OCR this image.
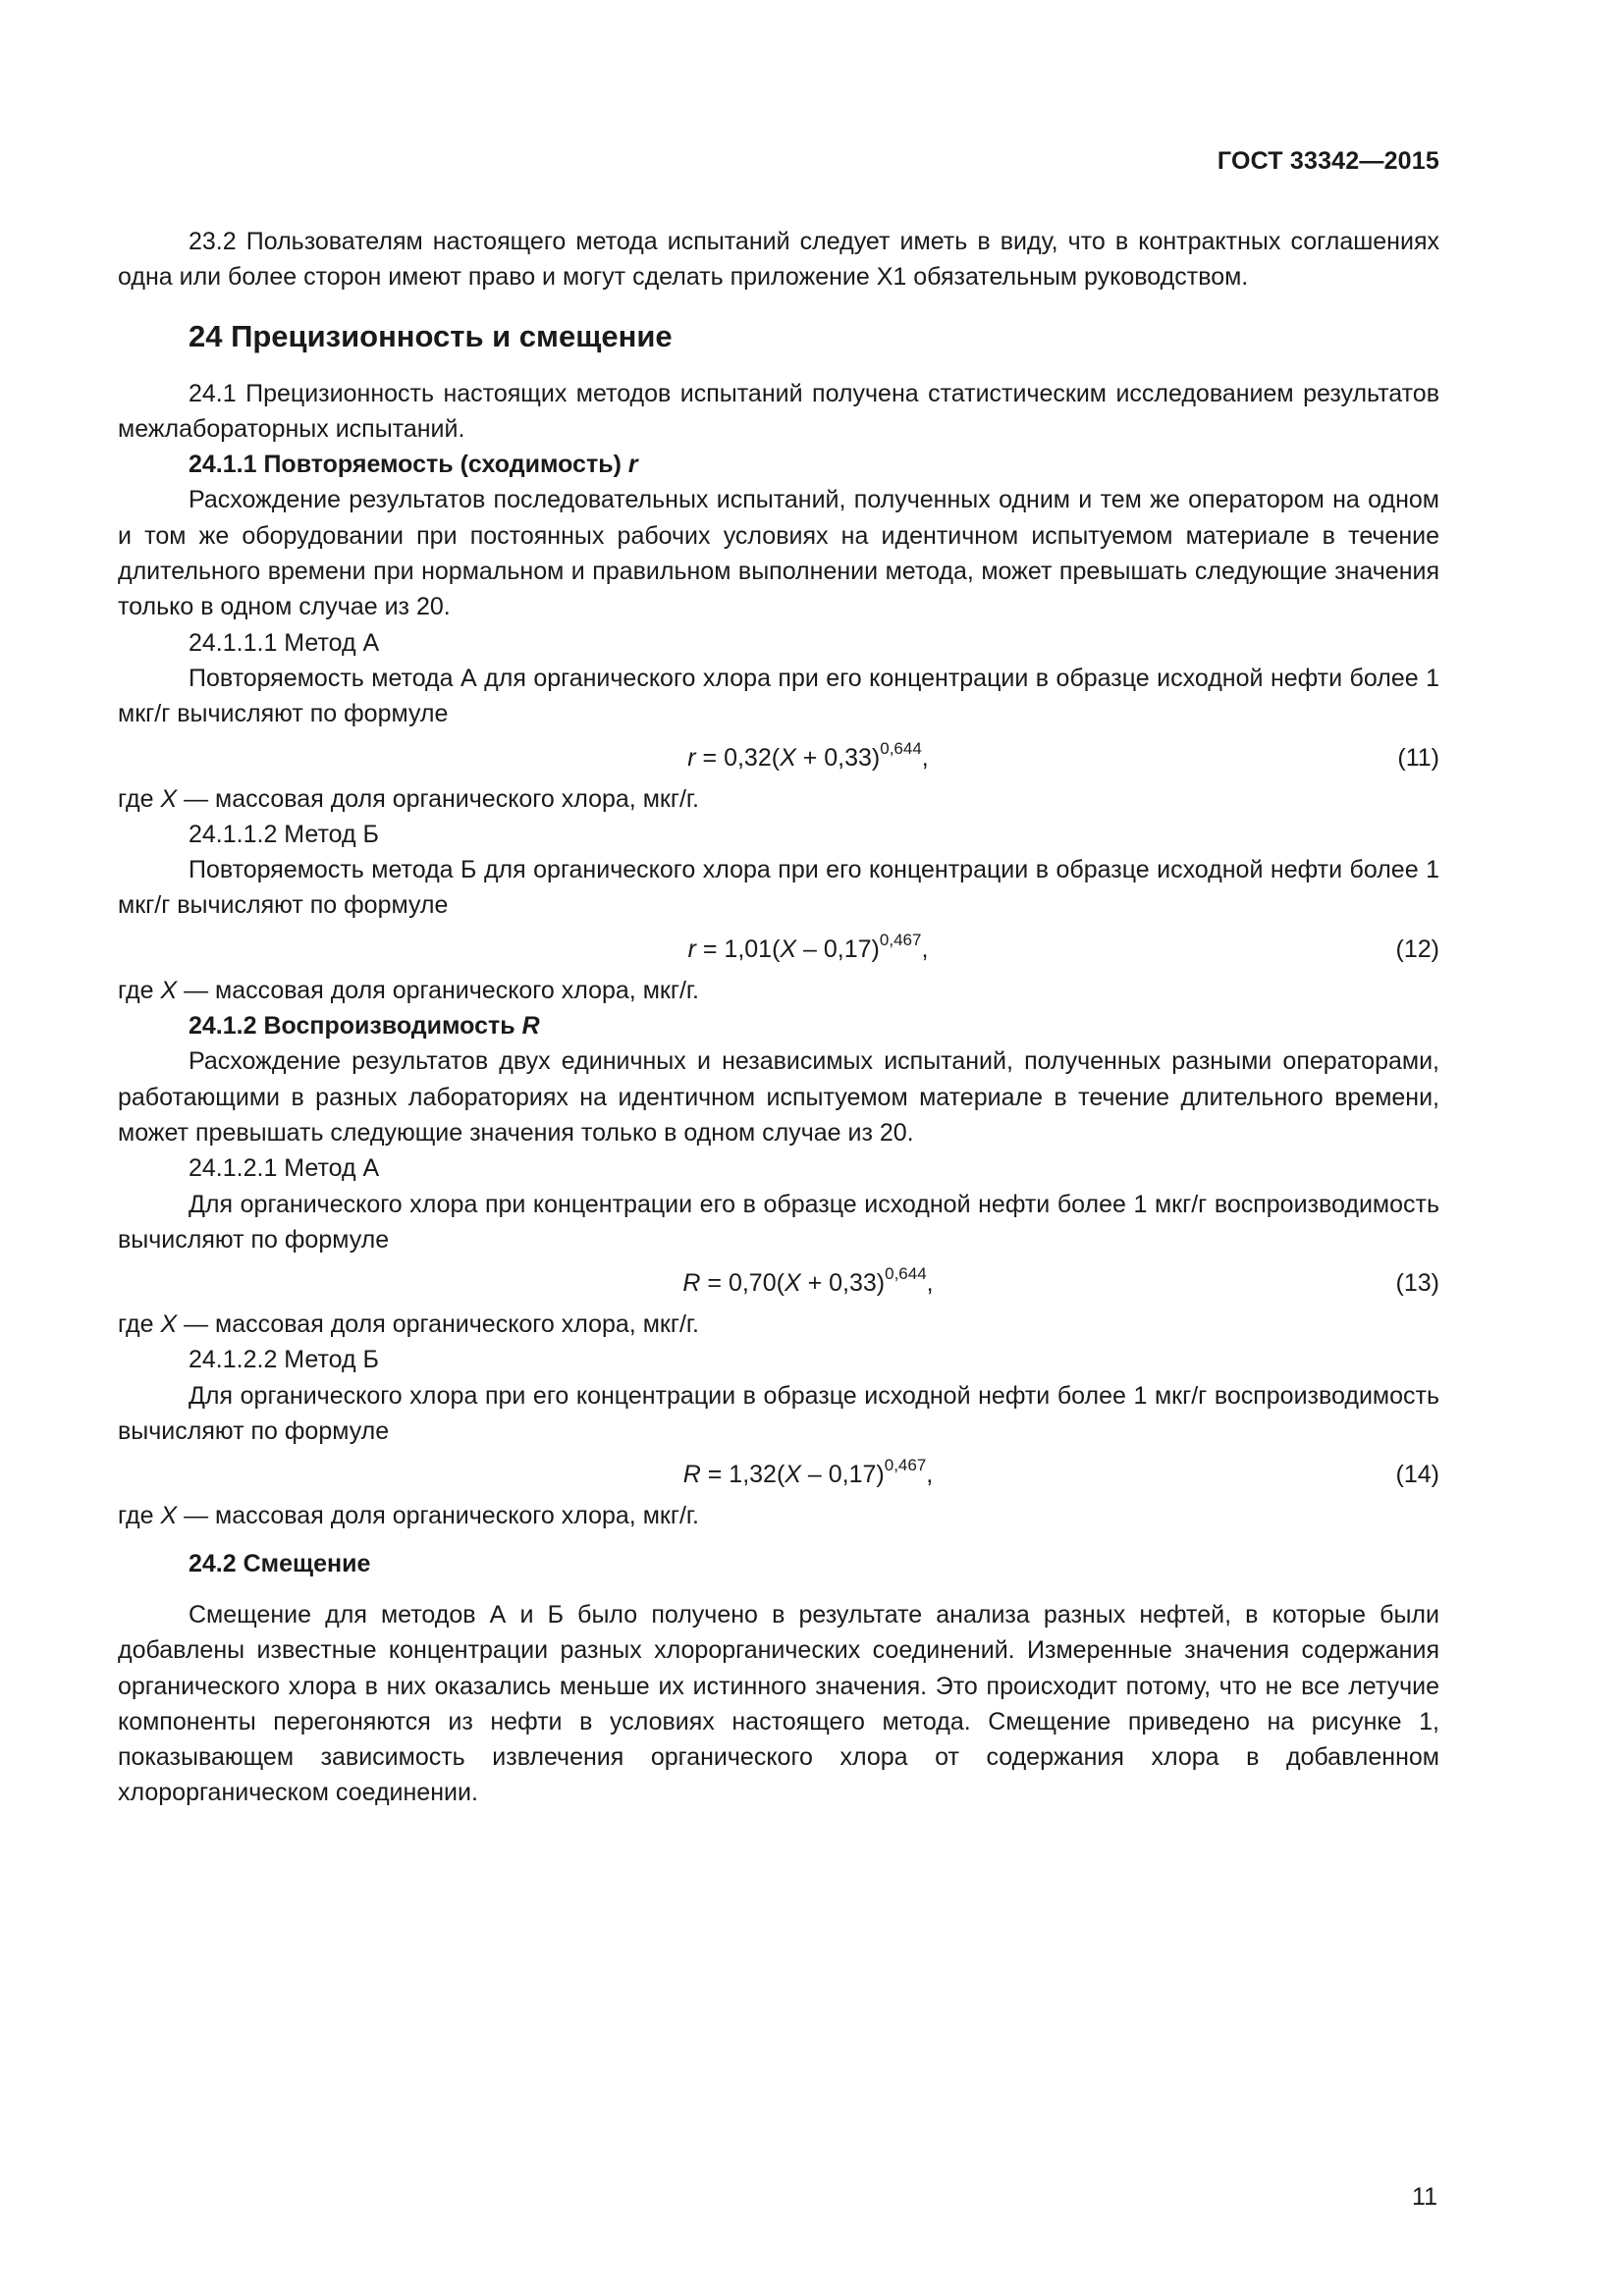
ГОСТ 33342—2015

23.2 Пользователям настоящего метода испытаний следует иметь в виду, что в контрактных соглашениях одна или более сторон имеют право и могут сделать приложение Х1 обязательным руководством.

24 Прецизионность и смещение

24.1 Прецизионность настоящих методов испытаний получена статистическим исследованием результатов межлабораторных испытаний.

24.1.1 Повторяемость (сходимость) r

Расхождение результатов последовательных испытаний, полученных одним и тем же оператором на одном и том же оборудовании при постоянных рабочих условиях на идентичном испытуемом материале в течение длительного времени при нормальном и правильном выполнении метода, может превышать следующие значения только в одном случае из 20.

24.1.1.1 Метод А

Повторяемость метода А для органического хлора при его концентрации в образце исходной нефти более 1 мкг/г вычисляют по формуле

$r = 0,32(X + 0,33)^{0,644}$,	(11)
где X — массовая доля органического хлора, мкг/г.
24.1.1.2 Метод Б

Повторяемость метода Б для органического хлора при его концентрации в образце исходной нефти более 1 мкг/г вычисляют по формуле

r = 1,01(X – 0,17)$^{0,467}$,	(12)
где X — массовая доля органического хлора, мкг/г.
24.1.2 Воспроизводимость R

Расхождение результатов двух единичных и независимых испытаний, полученных разными операторами, работающими в разных лабораториях на идентичном испытуемом материале в течение длительного времени, может превышать следующие значения только в одном случае из 20.

24.1.2.1 Метод А

Для органического хлора при концентрации его в образце исходной нефти более 1 мкг/г воспроизводимость вычисляют по формуле

$R = 0,70(X + 0,33)^{0,644}$,	(13)
где X — массовая доля органического хлора, мкг/г.
24.1.2.2 Метод Б

Для органического хлора при его концентрации в образце исходной нефти более 1 мкг/г воспроизводимость вычисляют по формуле

R = 1,32(X – 0,17)$^{0,467}$,	(14)
где X — массовая доля органического хлора, мкг/г.
24.2 Смещение

Смещение для методов А и Б было получено в результате анализа разных нефтей, в которые были добавлены известные концентрации разных хлорорганических соединений. Измеренные значения содержания органического хлора в них оказались меньше их истинного значения. Это происходит потому, что не все летучие компоненты перегоняются из нефти в условиях настоящего метода. Смещение приведено на рисунке 1, показывающем зависимость извлечения органического хлора от содержания хлора в добавленном хлорорганическом соединении.

11
